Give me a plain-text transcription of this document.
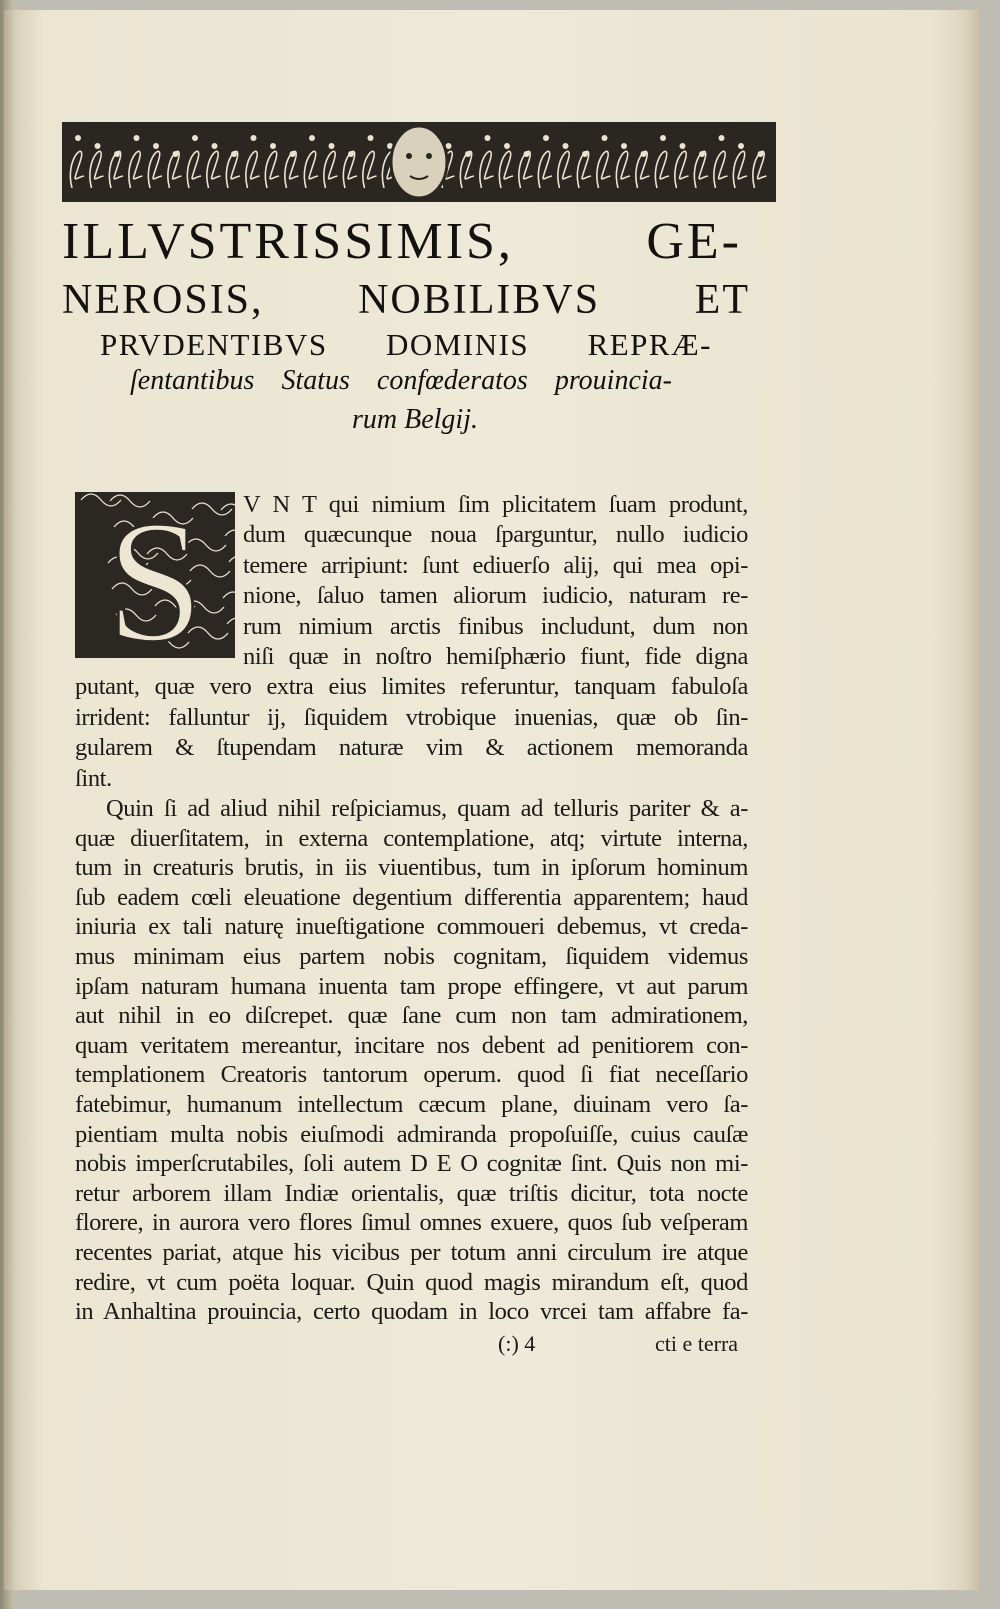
ILLVSTRISSIMIS, GE-
NEROSIS, NOBILIBVS ET
PRVDENTIBVS DOMINIS REPRÆ-
ſentantibus Status confœderatos prouincia-
rum Belgij.
S V N T qui nimium ſim plicitatem ſuam produnt,
dum quæcunque noua ſparguntur, nullo iudicio
temere arripiunt: ſunt ediuerſo alij, qui mea opi-
nione, ſaluo tamen aliorum iudicio, naturam re-
rum nimium arctis finibus includunt, dum non
niſi quæ in noſtro hemiſphærio fiunt, fide digna
putant, quæ vero extra eius limites referuntur, tanquam fabuloſa
irrident: falluntur ij, ſiquidem vtrobique inuenias, quæ ob ſin-
gularem & ſtupendam naturæ vim & actionem memoranda
ſint.
Quin ſi ad aliud nihil reſpiciamus, quam ad telluris pariter & a-
quæ diuerſitatem, in externa contemplatione, atq; virtute interna,
tum in creaturis brutis, in iis viuentibus, tum in ipſorum hominum
ſub eadem cœli eleuatione degentium differentia apparentem; haud
iniuria ex tali naturę inueſtigatione commoueri debemus, vt creda-
mus minimam eius partem nobis cognitam, ſiquidem videmus
ipſam naturam humana inuenta tam prope effingere, vt aut parum
aut nihil in eo diſcrepet. quæ ſane cum non tam admirationem,
quam veritatem mereantur, incitare nos debent ad penitiorem con-
templationem Creatoris tantorum operum. quod ſi fiat neceſſario
fatebimur, humanum intellectum cæcum plane, diuinam vero ſa-
pientiam multa nobis eiuſmodi admiranda propoſuiſſe, cuius cauſæ
nobis imperſcrutabiles, ſoli autem D E O cognitæ ſint. Quis non mi-
retur arborem illam Indiæ orientalis, quæ triſtis dicitur, tota nocte
florere, in aurora vero flores ſimul omnes exuere, quos ſub veſperam
recentes pariat, atque his vicibus per totum anni circulum ire atque
redire, vt cum poëta loquar. Quin quod magis mirandum eſt, quod
in Anhaltina prouincia, certo quodam in loco vrcei tam affabre fa-
(:) 4	cti e terra
